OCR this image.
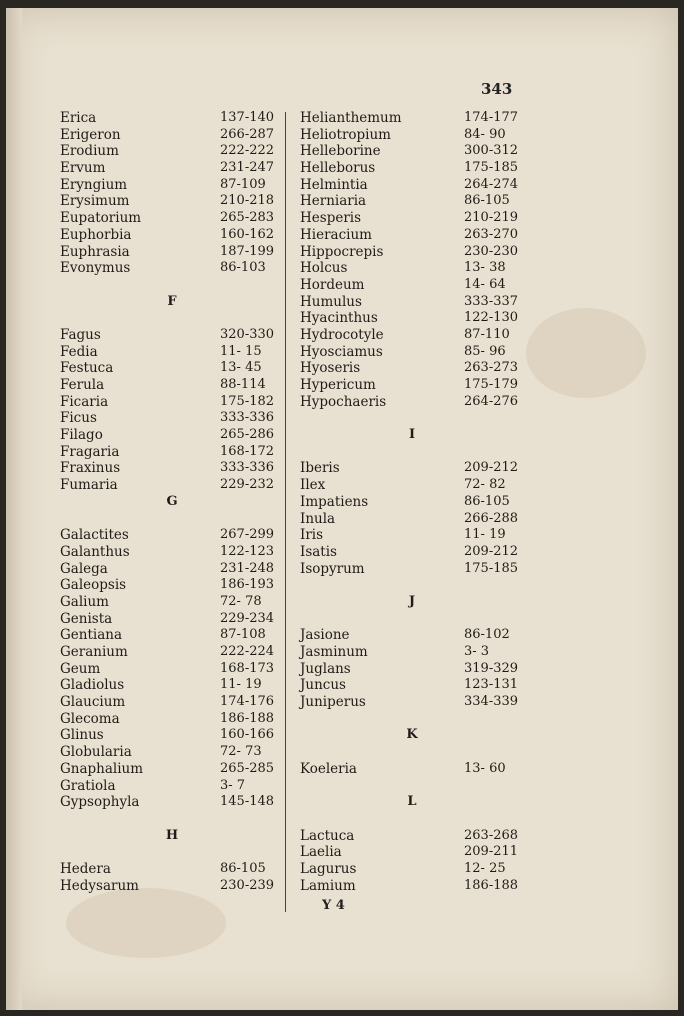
343
Erica	137-140
Erigeron	266-287
Erodium	222-222
Ervum	231-247
Eryngium	87-109
Erysimum	210-218
Eupatorium	265-283
Euphorbia	160-162
Euphrasia	187-199
Evonymus	86-103
F
Fagus	320-330
Fedia	11- 15
Festuca	13- 45
Ferula	88-114
Ficaria	175-182
Ficus	333-336
Filago	265-286
Fragaria	168-172
Fraxinus	333-336
Fumaria	229-232
G
Galactites	267-299
Galanthus	122-123
Galega	231-248
Galeopsis	186-193
Galium	72- 78
Genista	229-234
Gentiana	87-108
Geranium	222-224
Geum	168-173
Gladiolus	11- 19
Glaucium	174-176
Glecoma	186-188
Glinus	160-166
Globularia	72- 73
Gnaphalium	265-285
Gratiola	3- 7
Gypsophyla	145-148
H
Hedera	86-105
Hedysarum	230-239
Helianthemum	174-177
Heliotropium	84- 90
Helleborine	300-312
Helleborus	175-185
Helmintia	264-274
Herniaria	86-105
Hesperis	210-219
Hieracium	263-270
Hippocrepis	230-230
Holcus	13- 38
Hordeum	14- 64
Humulus	333-337
Hyacinthus	122-130
Hydrocotyle	87-110
Hyosciamus	85- 96
Hyoseris	263-273
Hypericum	175-179
Hypochaeris	264-276
I
Iberis	209-212
Ilex	72- 82
Impatiens	86-105
Inula	266-288
Iris	11- 19
Isatis	209-212
Isopyrum	175-185
J
Jasione	86-102
Jasminum	3- 3
Juglans	319-329
Juncus	123-131
Juniperus	334-339
K
Koeleria	13- 60
L
Lactuca	263-268
Laelia	209-211
Lagurus	12- 25
Lamium	186-188
Y 4
